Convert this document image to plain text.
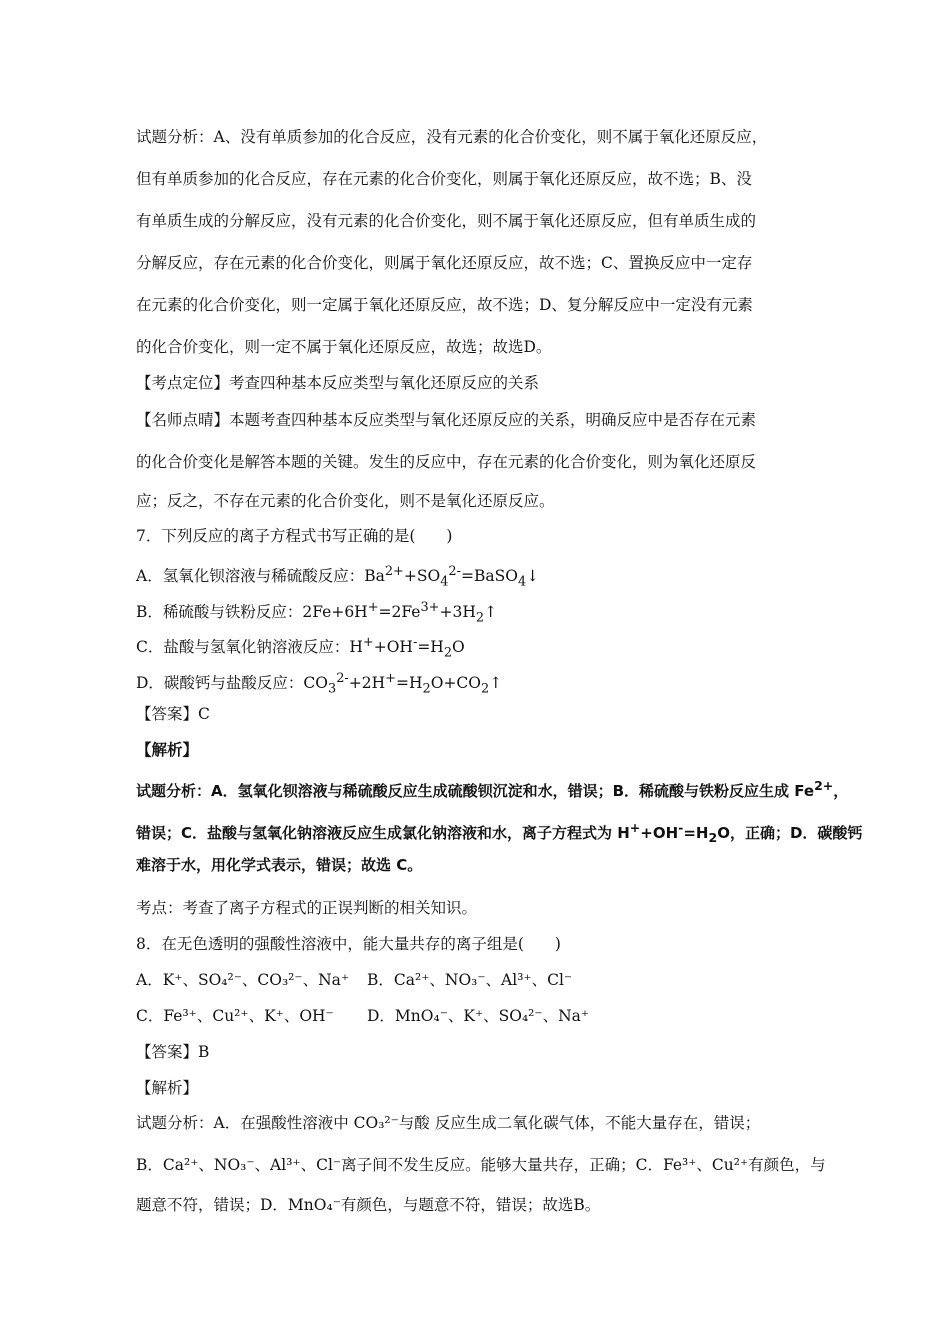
试题分析：A、没有单质参加的化合反应，没有元素的化合价变化，则不属于氧化还原反应，
但有单质参加的化合反应，存在元素的化合价变化，则属于氧化还原反应，故不选；B、没
有单质生成的分解反应，没有元素的化合价变化，则不属于氧化还原反应，但有单质生成的
分解反应，存在元素的化合价变化，则属于氧化还原反应，故不选；C、置换反应中一定存
在元素的化合价变化，则一定属于氧化还原反应，故不选；D、复分解反应中一定没有元素
的化合价变化，则一定不属于氧化还原反应，故选；故选D。
【考点定位】考查四种基本反应类型与氧化还原反应的关系
【名师点晴】本题考查四种基本反应类型与氧化还原反应的关系，明确反应中是否存在元素
的化合价变化是解答本题的关键。发生的反应中，存在元素的化合价变化，则为氧化还原反
应；反之，不存在元素的化合价变化，则不是氧化还原反应。
7．下列反应的离子方程式书写正确的是(　　)
A．氢氧化钡溶液与稀硫酸反应：$Ba^{2+}+SO_4^{2-}=BaSO_4↓$
B．稀硫酸与铁粉反应：$2Fe+6H^+=2Fe^{3+}+3H_2↑$
C．盐酸与氢氧化钠溶液反应：$H^++OH^-=H_2O$
D．碳酸钙与盐酸反应：$CO_3^{2-}+2H^+=H_2O+CO_2↑$
【答案】C
【解析】
试题分析：A．氢氧化钡溶液与稀硫酸反应生成硫酸钡沉淀和水，错误；B．稀硫酸与铁粉反应生成 $Fe^{2+}$，
错误；C．盐酸与氢氧化钠溶液反应生成氯化钠溶液和水，离子方程式为 $H^++OH^-=H_2O$，正确；D．碳酸钙
难溶于水，用化学式表示，错误；故选 C。
考点：考查了离子方程式的正误判断的相关知识。
8．在无色透明的强酸性溶液中，能大量共存的离子组是(　　)
A．K⁺、SO₄²⁻、CO₃²⁻、Na⁺ B．Ca²⁺、NO₃⁻、Al³⁺、Cl⁻
C．Fe³⁺、Cu²⁺、K⁺、OH⁻ D．MnO₄⁻、K⁺、SO₄²⁻、Na⁺
【答案】B
【解析】
试题分析：A．在强酸性溶液中 CO₃²⁻与酸 反应生成二氧化碳气体，不能大量存在，错误；
B．Ca²⁺、NO₃⁻、Al³⁺、Cl⁻离子间不发生反应。能够大量共存，正确；C．Fe³⁺、Cu²⁺有颜色，与
题意不符，错误；D．MnO₄⁻有颜色，与题意不符，错误；故选B。
